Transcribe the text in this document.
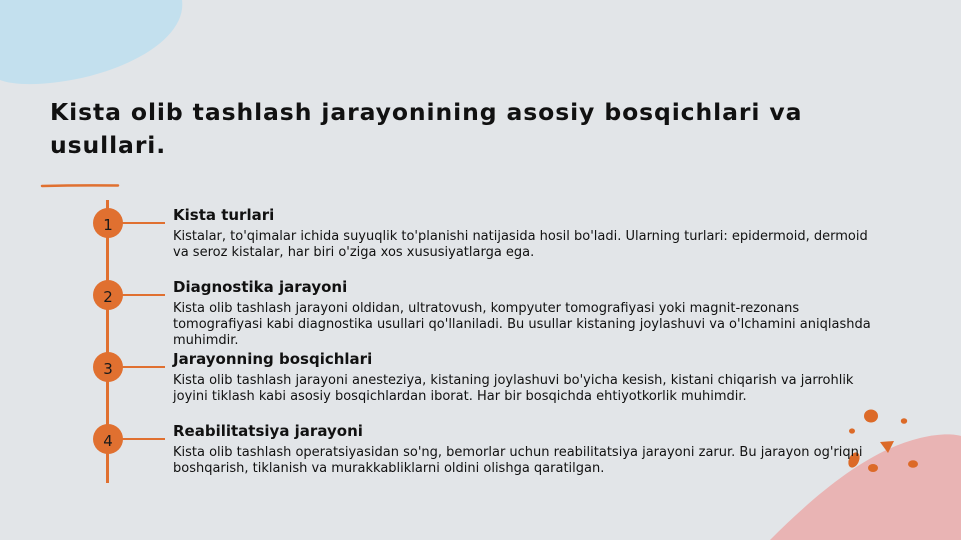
Kista olib tashlash jarayonining asosiy bosqichlari va usullari.
1
Kista turlari
Kistalar, to'qimalar ichida suyuqlik to'planishi natijasida hosil bo'ladi. Ularning turlari: epidermoid, dermoid va seroz kistalar, har biri o'ziga xos xususiyatlarga ega.
2
Diagnostika jarayoni
Kista olib tashlash jarayoni oldidan, ultratovush, kompyuter tomografiyasi yoki magnit-rezonans tomografiyasi kabi diagnostika usullari qo'llaniladi. Bu usullar kistaning joylashuvi va o'lchamini aniqlashda muhimdir.
3
Jarayonning bosqichlari
Kista olib tashlash jarayoni anesteziya, kistaning joylashuvi bo'yicha kesish, kistani chiqarish va jarrohlik joyini tiklash kabi asosiy bosqichlardan iborat. Har bir bosqichda ehtiyotkorlik muhimdir.
4
Reabilitatsiya jarayoni
Kista olib tashlash operatsiyasidan so'ng, bemorlar uchun reabilitatsiya jarayoni zarur. Bu jarayon og'riqni boshqarish, tiklanish va murakkabliklarni oldini olishga qaratilgan.
